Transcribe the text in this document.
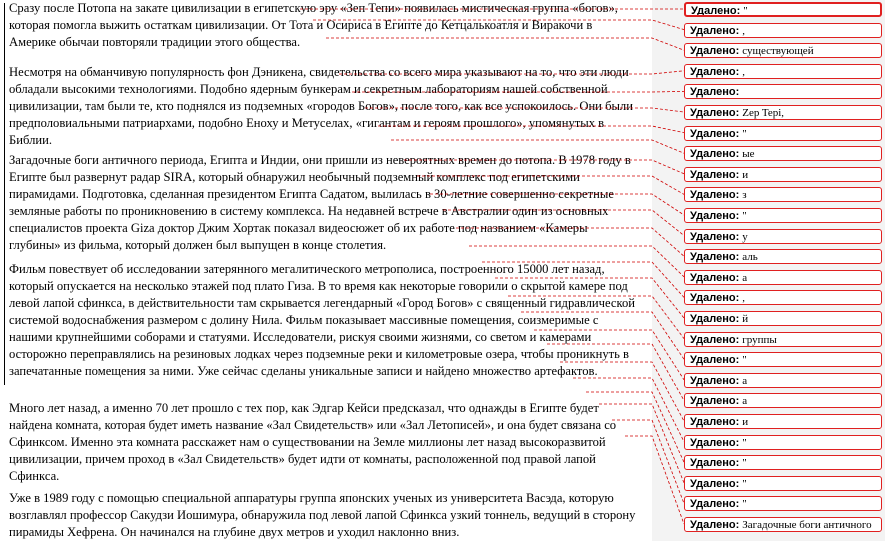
Сразу после Потопа на закате цивилизации в египетскую эру «Зеп Тепи» появилась мистическая группа «богов», которая помогла выжить остаткам цивилизации. От Тота и Осириса в Египте до Кетцалькоатля и Виракочи в Америке обычаи повторяли традиции этого общества.
Несмотря на обманчивую популярность фон Дэникена, свидетельства со всего мира указывают на то, что эти люди обладали высокими технологиями. Подобно ядерным бункерам и секретным лабораториям нашей собственной цивилизации, там были те, кто поднялся из подземных «городов Богов», после того, как все успокоилось. Они были предполовиальными патриархами, подобно Еноху и Метуселах, «гигантам и героям прошлого», упомянутых в Библии.
Загадочные боги античного периода, Египта и Индии, они пришли из невероятных времен до потопа. В 1978 году в Египте был развернут радар SIRA, который обнаружил необычный подземный комплекс под египетскими пирамидами. Подготовка, сделанная президентом Египта Садатом, вылилась в 30-летние совершенно секретные земляные работы по проникновению в систему комплекса. На недавней встрече в Австралии один из основных специалистов проекта Giza доктор Джим Хортак показал видеосюжет об их работе под названием «Камеры глубины» из фильма, который должен был выпущен в конце столетия.
Фильм повествует об исследовании затерянного мегалитического метрополиса, построенного 15000 лет назад, который опускается на несколько этажей под плато Гиза. В то время как некоторые говорили о скрытой камере под левой лапой сфинкса, в действительности там скрывается легендарный «Город Богов» с священный гидравлической системой водоснабжения размером с долину Нила. Фильм показывает массивные помещения, соизмеримые с нашими крупнейшими соборами и статуями. Исследователи, рискуя своими жизнями, со светом и камерами осторожно переправлялись на резиновых лодках через подземные реки и километровые озера, чтобы проникнуть в запечатанные помещения за ними. Уже сейчас сделаны уникальные записи и найдено множество артефактов.
Много лет назад, а именно 70 лет прошло с тех пор, как Эдгар Кейси предсказал, что однажды в Египте будет найдена комната, которая будет иметь название «Зал Свидетельств» или «Зал Летописей», и она будет связана со Сфинксом. Именно эта комната расскажет нам о существовании на Земле миллионы лет назад высокоразвитой цивилизации, причем проход в «Зал Свидетельств» будет идти от комнаты, расположенной под правой лапой Сфинкса.
Уже в 1989 году с помощью специальной аппаратуры группа японских ученых из университета Васэда, которую возглавлял профессор Сакудзи Иошимура, обнаружила под левой лапой Сфинкса узкий тоннель, ведущий в сторону пирамиды Хефрена. Он начинался на глубине двух метров и уходил наклонно вниз.
Удалено: "
Удалено: ,
Удалено: существующей
Удалено: ,
Удалено:
Удалено: Zep Tepi,
Удалено: "
Удалено: ые
Удалено: и
Удалено: з
Удалено: "
Удалено: у
Удалено: аль
Удалено: а
Удалено: ,
Удалено: й
Удалено: группы
Удалено: "
Удалено: а
Удалено: а
Удалено: и
Удалено: "
Удалено: "
Удалено: "
Удалено: "
Удалено: Загадочные боги античного
